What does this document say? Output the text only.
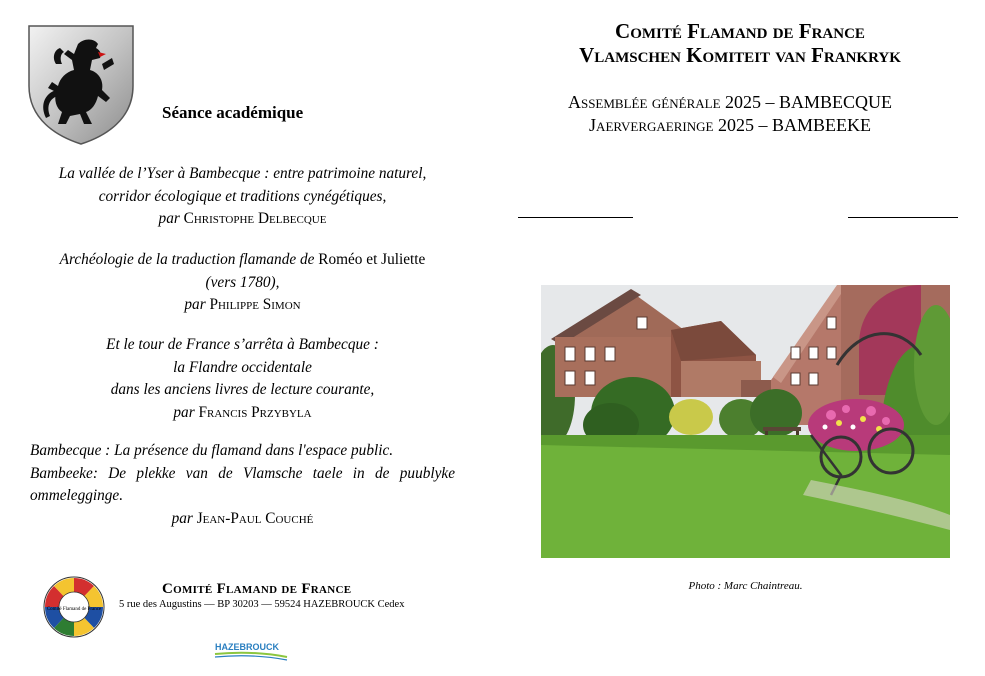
Séance académique
La vallée de l’Yser à Bambecque : entre patrimoine naturel,
corridor écologique et traditions cynégétiques,
par Christophe Delbecque
Archéologie de la traduction flamande de Roméo et Juliette
(vers 1780),
par Philippe Simon
Et le tour de France s’arrêta à Bambecque :
la Flandre occidentale
dans les anciens livres de lecture courante,
par Francis Przybyla
Bambecque : La présence du flamand dans l'espace public.
Bambeeke: De plekke van de Vlamsche taele in de puublyke ommelegginge.
par Jean-Paul Couché
Comité Flamand de France
Comité Flamand de France
5 rue des Augustins — BP 30203 — 59524 HAZEBROUCK Cedex
HAZEBROUCK
Comité Flamand de France
Vlamschen Komiteit van Frankryk
Assemblée générale 2025 – BAMBECQUE
Jaervergaeringe 2025 – BAMBEEKE
Photo : Marc Chaintreau.
